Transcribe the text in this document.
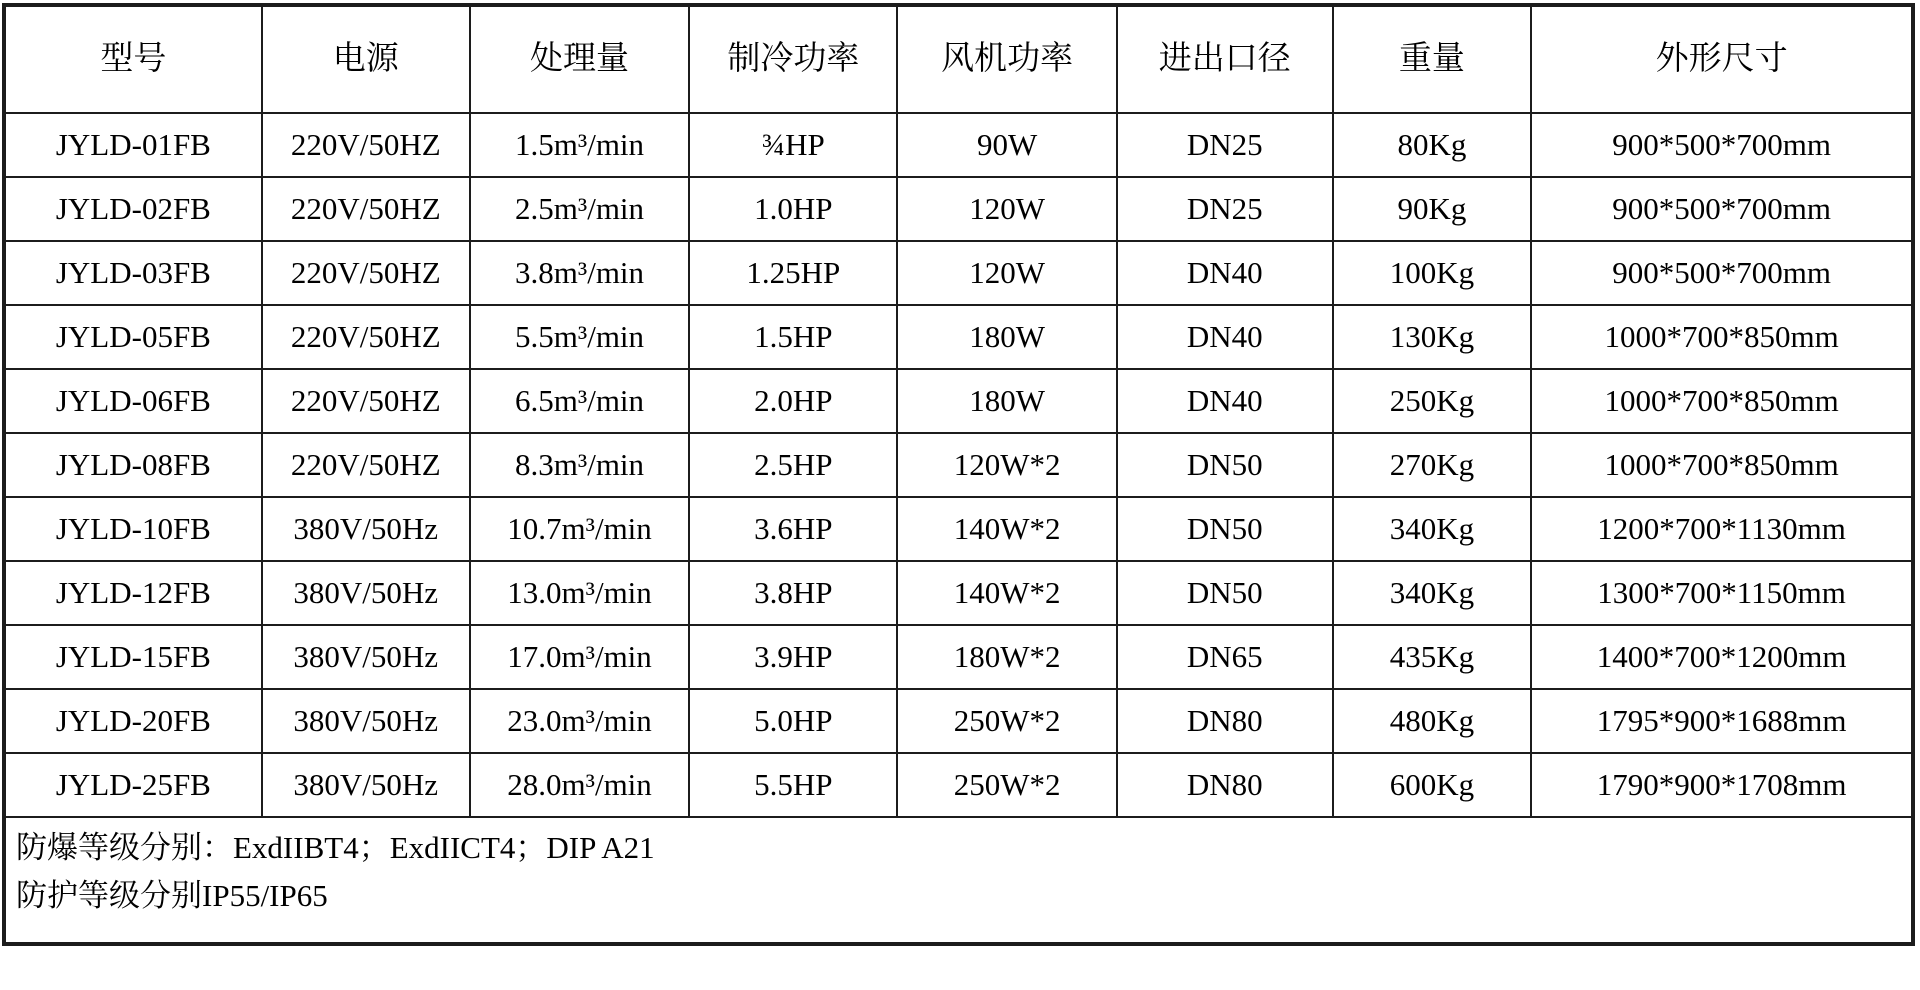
型号	电源	处理量	制冷功率	风机功率	进出口径	重量	外形尺寸
JYLD-01FB	220V/50HZ	1.5m³/min	¾HP	90W	DN25	80Kg	900*500*700mm
JYLD-02FB	220V/50HZ	2.5m³/min	1.0HP	120W	DN25	90Kg	900*500*700mm
JYLD-03FB	220V/50HZ	3.8m³/min	1.25HP	120W	DN40	100Kg	900*500*700mm
JYLD-05FB	220V/50HZ	5.5m³/min	1.5HP	180W	DN40	130Kg	1000*700*850mm
JYLD-06FB	220V/50HZ	6.5m³/min	2.0HP	180W	DN40	250Kg	1000*700*850mm
JYLD-08FB	220V/50HZ	8.3m³/min	2.5HP	120W*2	DN50	270Kg	1000*700*850mm
JYLD-10FB	380V/50Hz	10.7m³/min	3.6HP	140W*2	DN50	340Kg	1200*700*1130mm
JYLD-12FB	380V/50Hz	13.0m³/min	3.8HP	140W*2	DN50	340Kg	1300*700*1150mm
JYLD-15FB	380V/50Hz	17.0m³/min	3.9HP	180W*2	DN65	435Kg	1400*700*1200mm
JYLD-20FB	380V/50Hz	23.0m³/min	5.0HP	250W*2	DN80	480Kg	1795*900*1688mm
JYLD-25FB	380V/50Hz	28.0m³/min	5.5HP	250W*2	DN80	600Kg	1790*900*1708mm

防爆等级分别：ExdIIBT4；ExdIICT4；DIP A21
防护等级分别IP55/IP65							
